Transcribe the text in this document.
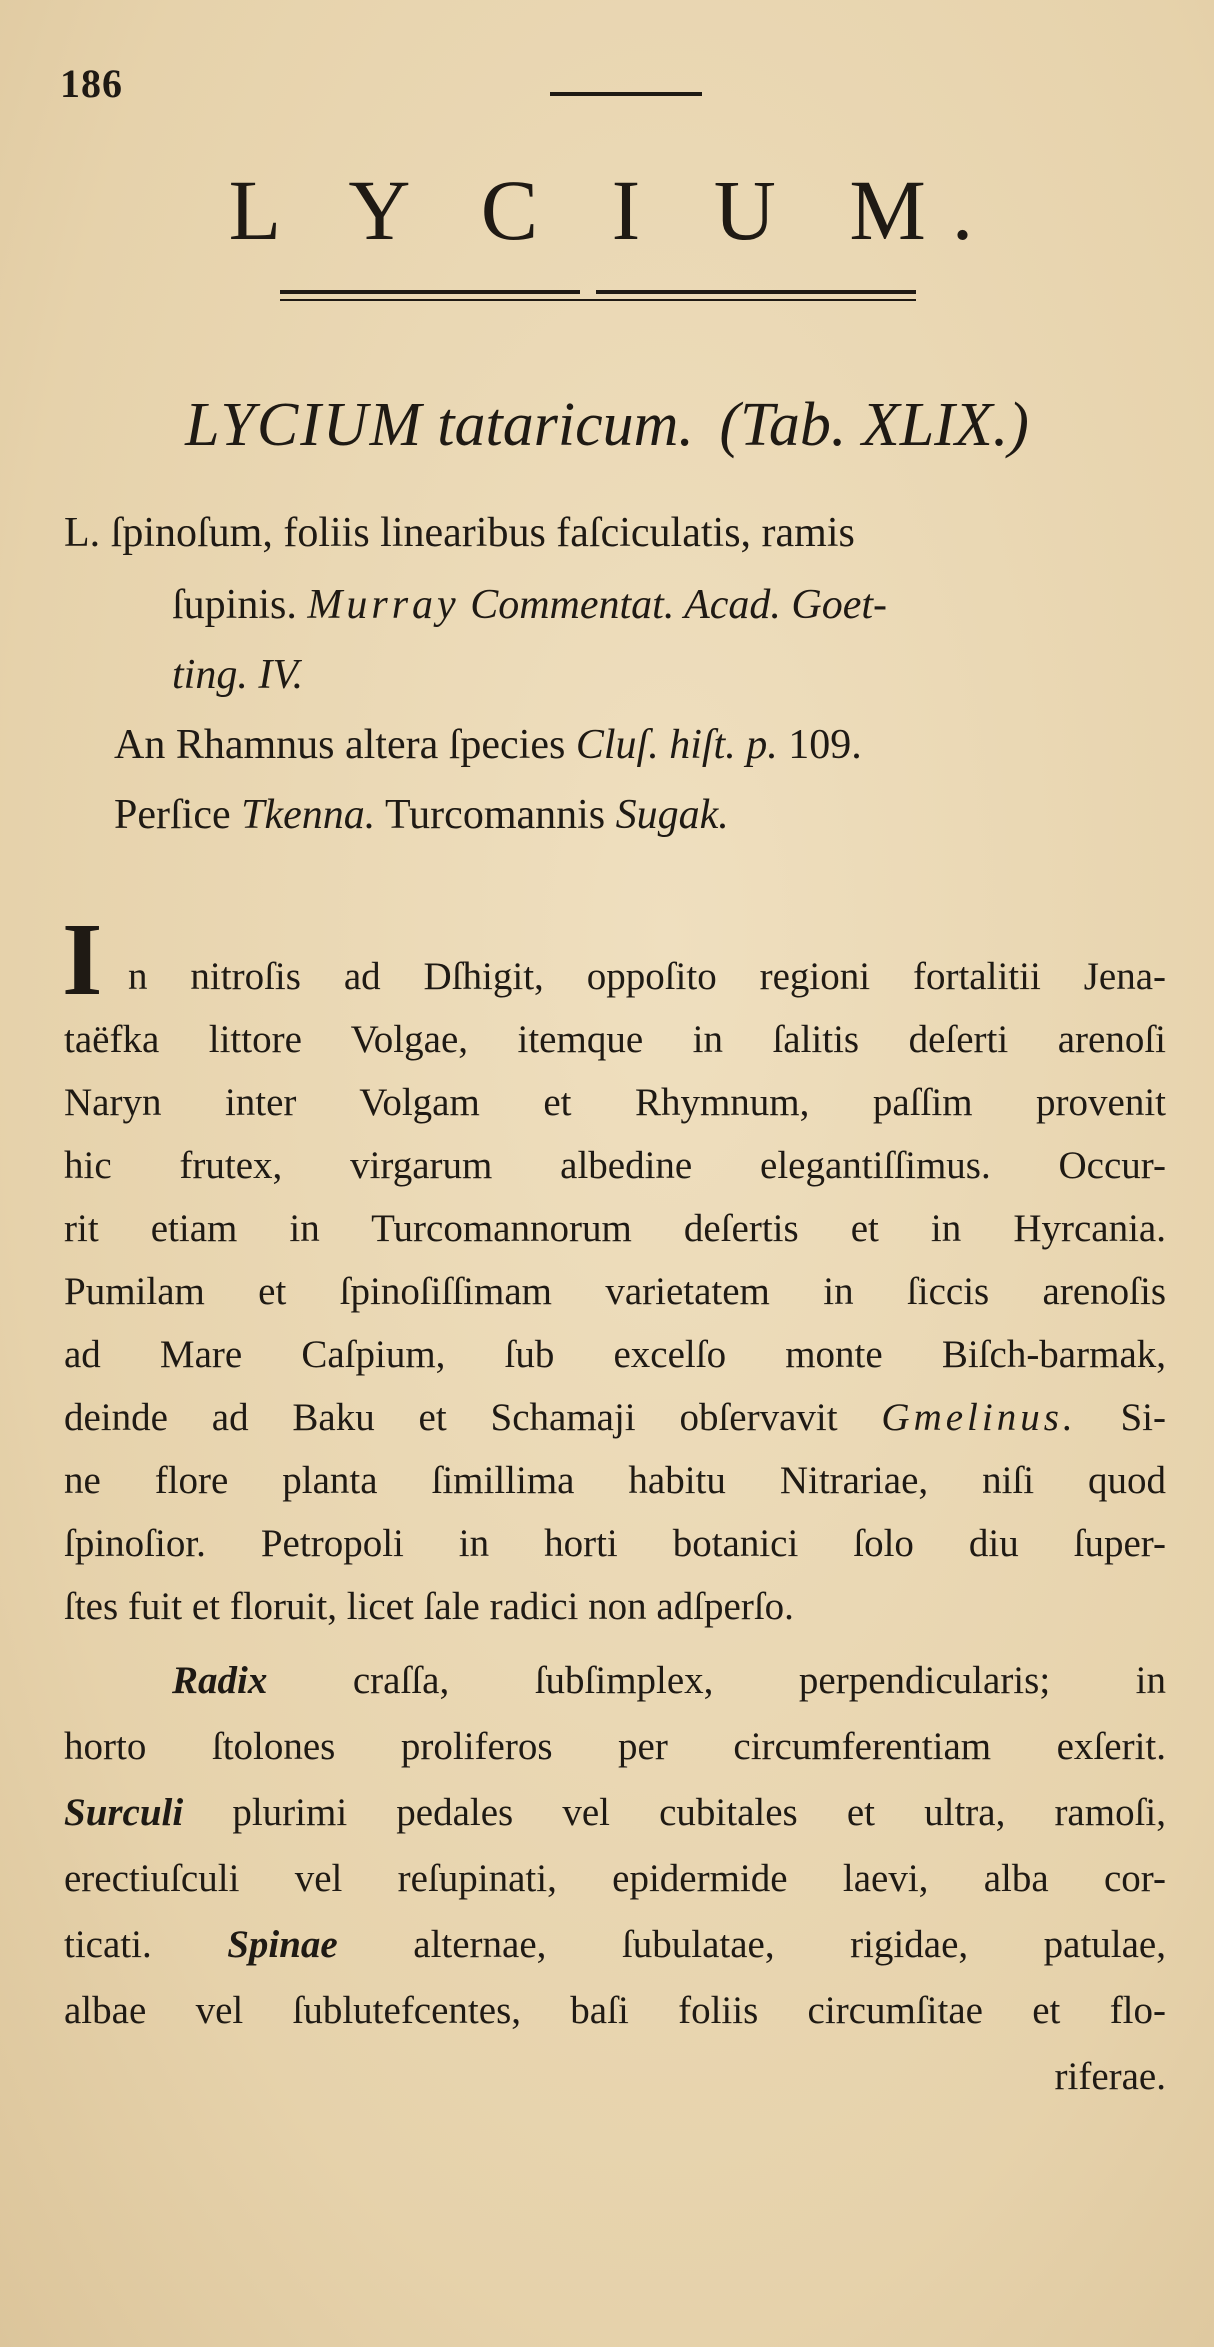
186
L Y C I U M.
LYCIUM tataricum. (Tab. XLIX.)
L. ſpinoſum, foliis linearibus faſciculatis, ramis
ſupinis. Murray Commentat. Acad. Goet-
ting. IV.
An Rhamnus altera ſpecies Cluſ. hiſt. p. 109.
Perſice Tkenna. Turcomannis Sugak.
I n nitroſis ad Dſhigit, oppoſito regioni fortalitii Jena-
taëfka littore Volgae, itemque in ſalitis deſerti arenoſi
Naryn inter Volgam et Rhymnum, paſſim provenit
hic frutex, virgarum albedine elegantiſſimus. Occur-
rit etiam in Turcomannorum deſertis et in Hyrcania.
Pumilam et ſpinoſiſſimam varietatem in ſiccis arenoſis
ad Mare Caſpium, ſub excelſo monte Biſch-barmak,
deinde ad Baku et Schamaji obſervavit Gmelinus. Si-
ne flore planta ſimillima habitu Nitrariae, niſi quod
ſpinoſior. Petropoli in horti botanici ſolo diu ſuper-
ſtes fuit et floruit, licet ſale radici non adſperſo.
Radix craſſa, ſubſimplex, perpendicularis; in
horto ſtolones proliferos per circumferentiam exſerit.
Surculi plurimi pedales vel cubitales et ultra, ramoſi,
erectiuſculi vel reſupinati, epidermide laevi, alba cor-
ticati. Spinae alternae, ſubulatae, rigidae, patulae,
albae vel ſublutefcentes, baſi foliis circumſitae et flo-
riferae.
